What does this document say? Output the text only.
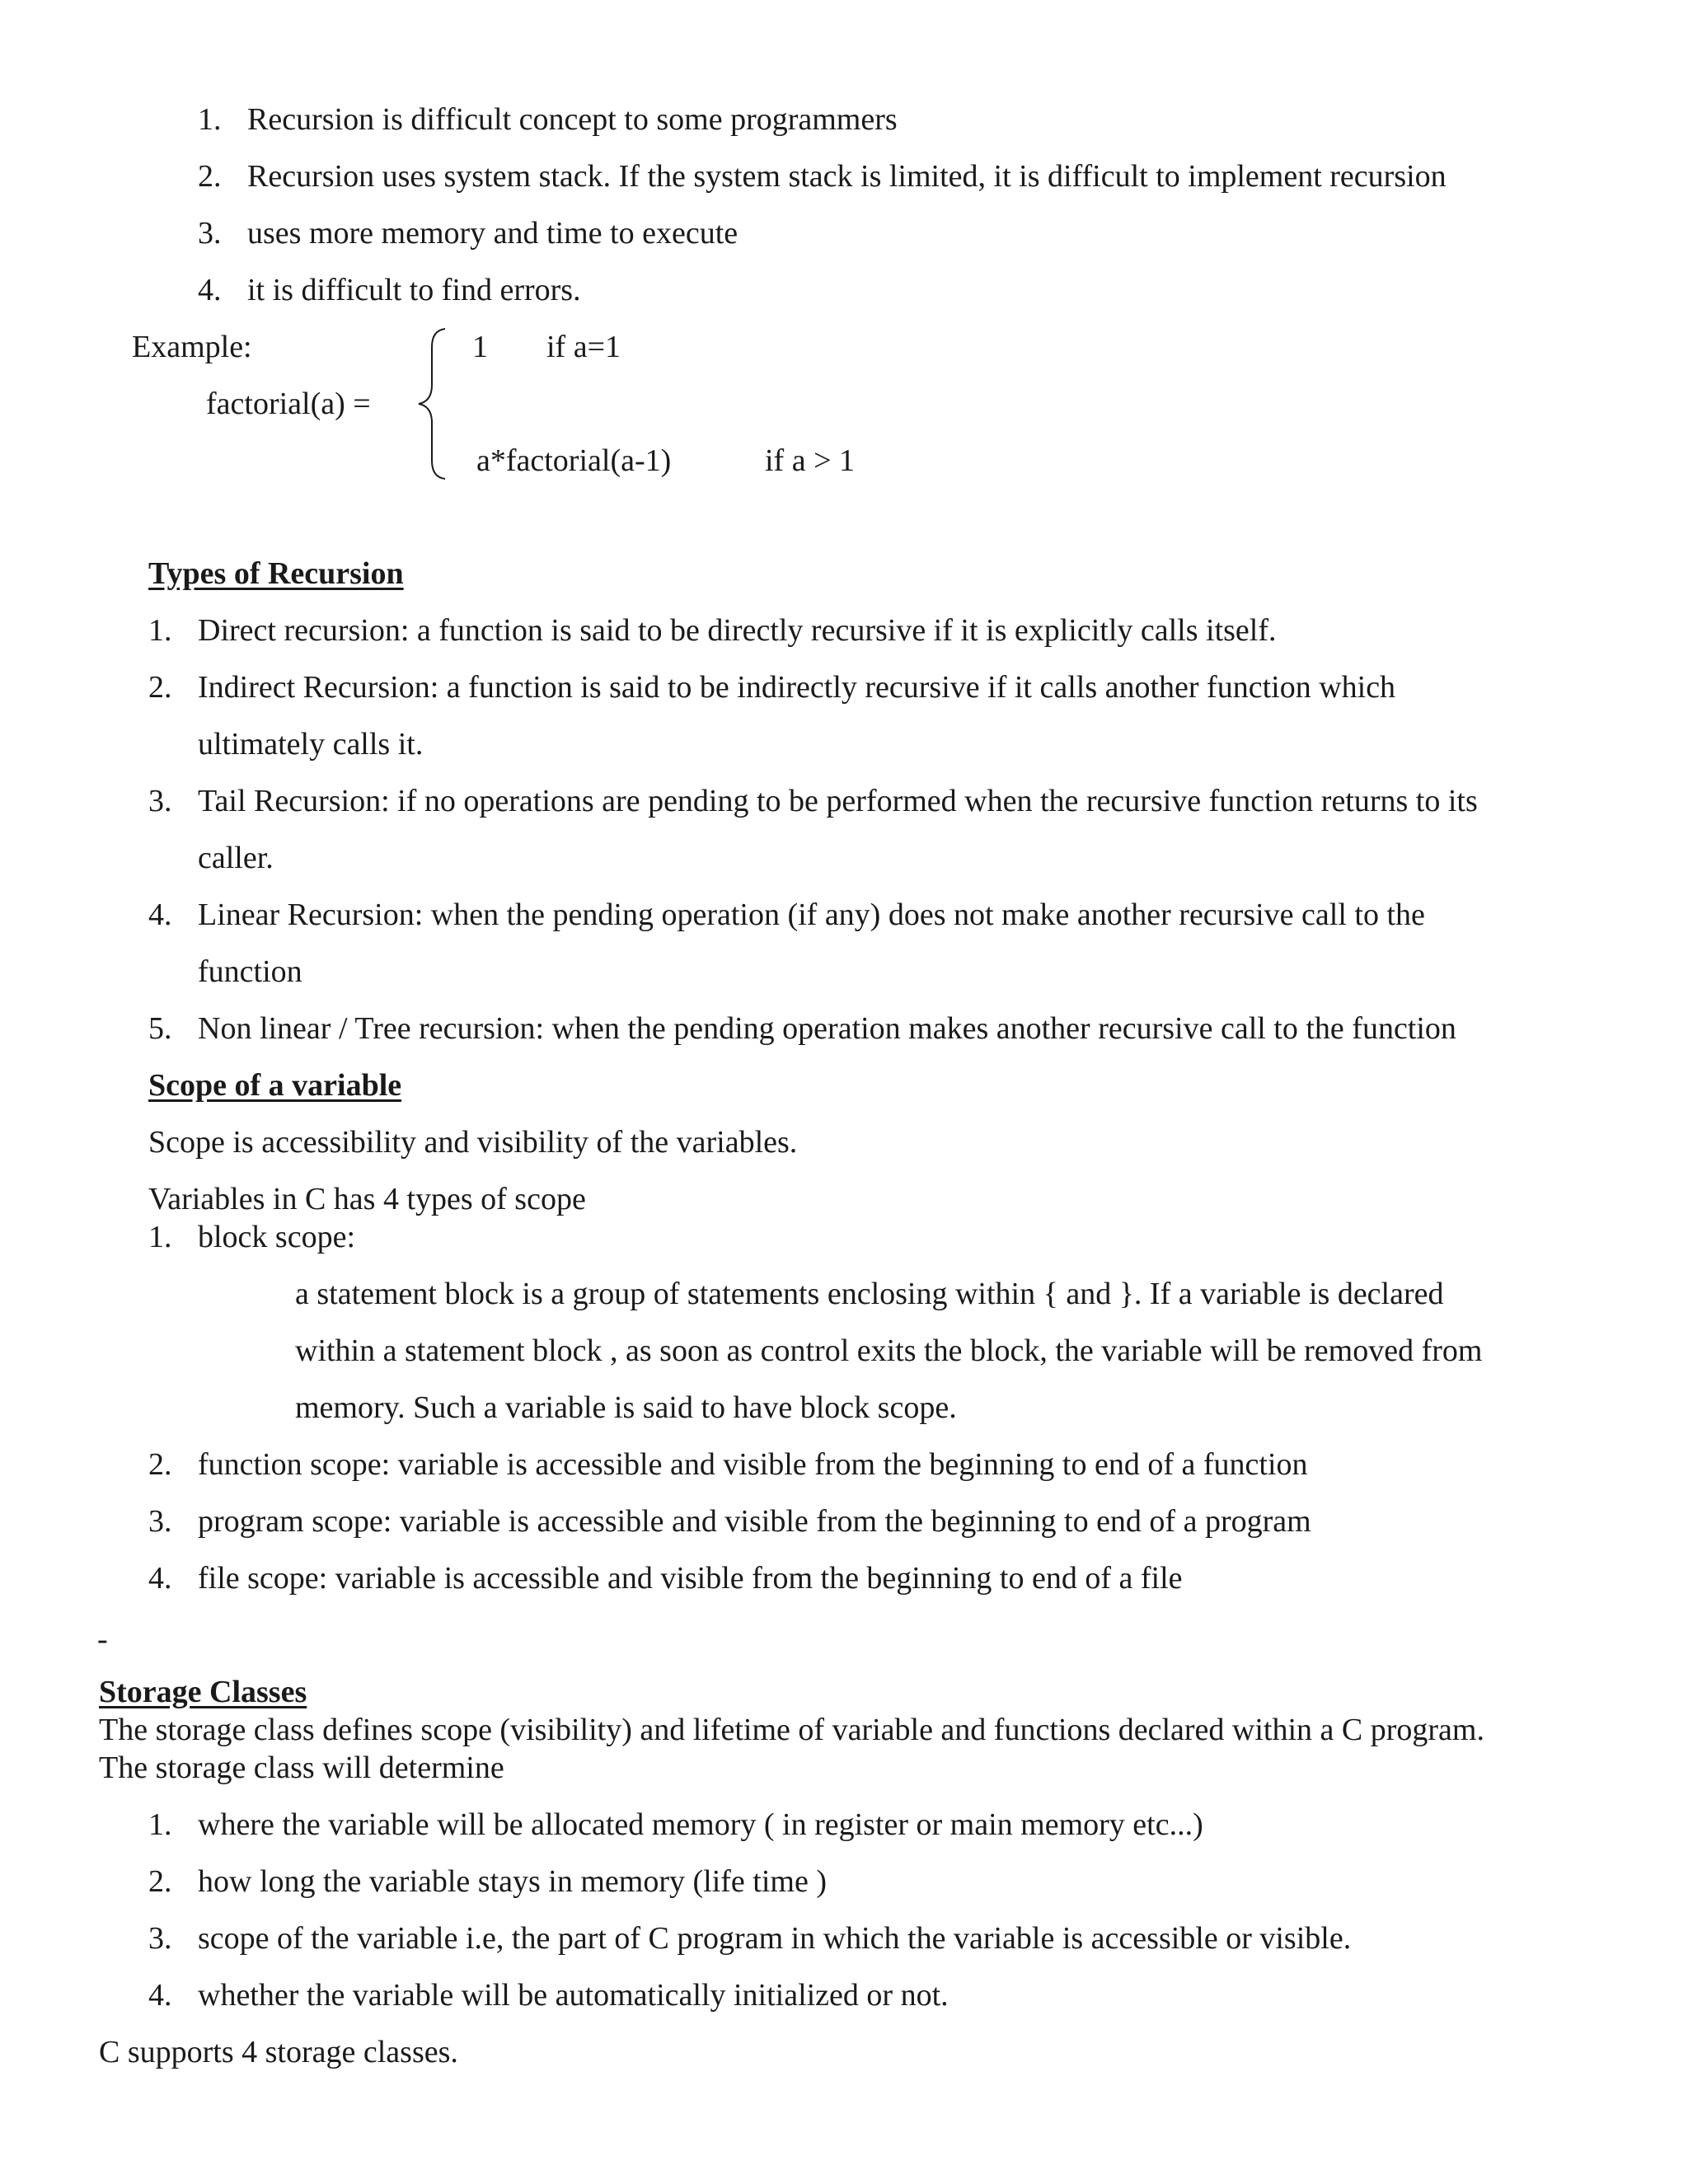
1. Recursion is difficult concept to some programmers
2. Recursion uses system stack. If the system stack is limited, it is difficult to implement recursion
3. uses more memory and time to execute
4. it is difficult to find errors.
Example:
factorial(a) =
1 if a=1
a*factorial(a-1)	if a > 1
Types of Recursion
1. Direct recursion: a function is said to be directly recursive if it is explicitly calls itself.
2. Indirect Recursion: a function is said to be indirectly recursive if it calls another function which
ultimately calls it.
3. Tail Recursion: if no operations are pending to be performed when the recursive function returns to its
caller.
4. Linear Recursion: when the pending operation (if any) does not make another recursive call to the
function
5. Non linear / Tree recursion: when the pending operation makes another recursive call to the function
Scope of a variable
Scope is accessibility and visibility of the variables.
Variables in C has 4 types of scope
1. block scope:
a statement block is a group of statements enclosing within { and }. If a variable is declared
within a statement block , as soon as control exits the block, the variable will be removed from
memory. Such a variable is said to have block scope.
2. function scope: variable is accessible and visible from the beginning to end of a function
3. program scope: variable is accessible and visible from the beginning to end of a program
4. file scope: variable is accessible and visible from the beginning to end of a file
-
Storage Classes
The storage class defines scope (visibility) and lifetime of variable and functions declared within a C program.
The storage class will determine
1. where the variable will be allocated memory ( in register or main memory etc...)
2. how long the variable stays in memory (life time )
3. scope of the variable i.e, the part of C program in which the variable is accessible or visible.
4. whether the variable will be automatically initialized or not.
C supports 4 storage classes.
